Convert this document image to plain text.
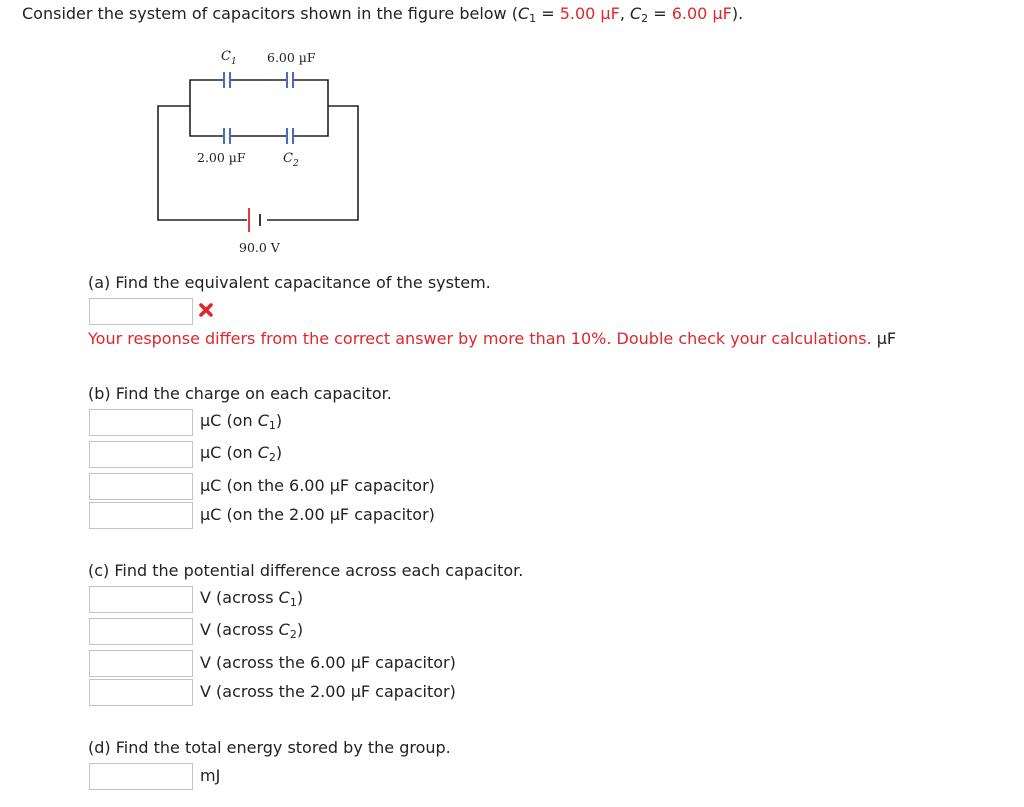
Consider the system of capacitors shown in the figure below ($C_1 = 5.00$ µF, $C_2 = 6.00$ µF).
$C_1$ 6.00 µF
2.00 µF	$C_2$
90.0 V
(a) Find the equivalent capacitance of the system.
Your response differs from the correct answer by more than 10%. Double check your calculations. µF
(b) Find the charge on each capacitor.
µC (on $C_1$)
µC (on $C_2$)
µC (on the 6.00 µF capacitor)
µC (on the 2.00 µF capacitor)
(c) Find the potential difference across each capacitor.
V (across $C_1$)
V (across $C_2$)
V (across the 6.00 µF capacitor)
V (across the 2.00 µF capacitor)
(d) Find the total energy stored by the group.
mJ
